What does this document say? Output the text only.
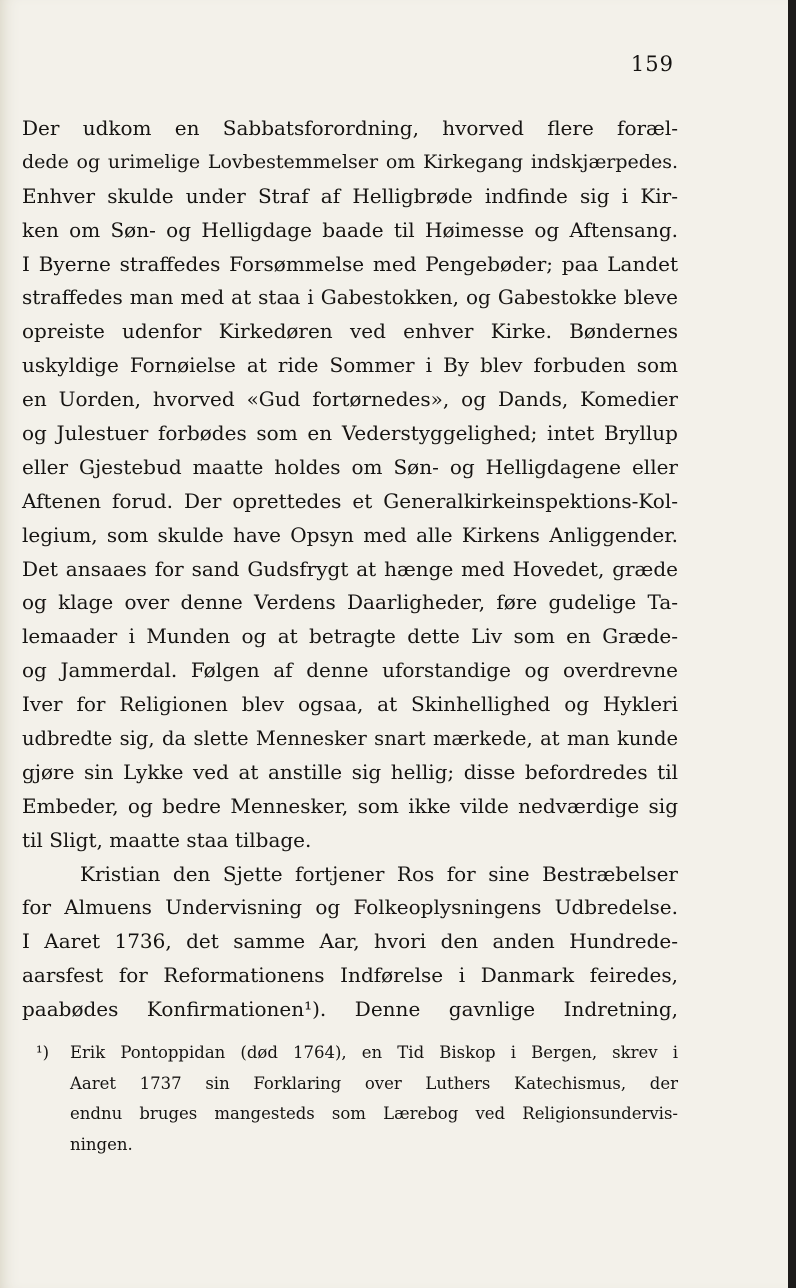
159
Der udkom en Sabbatsforordning, hvorved flere foræl-
dede og urimelige Lovbestemmelser om Kirkegang indskjærpedes.
Enhver skulde under Straf af Helligbrøde indfinde sig i Kir-
ken om Søn- og Helligdage baade til Høimesse og Aftensang.
I Byerne straffedes Forsømmelse med Pengebøder; paa Landet
straffedes man med at staa i Gabestokken, og Gabestokke bleve
opreiste udenfor Kirkedøren ved enhver Kirke. Bøndernes
uskyldige Fornøielse at ride Sommer i By blev forbuden som
en Uorden, hvorved «Gud fortørnedes», og Dands, Komedier
og Julestuer forbødes som en Vederstyggelighed; intet Bryllup
eller Gjestebud maatte holdes om Søn- og Helligdagene eller
Aftenen forud. Der oprettedes et Generalkirkeinspektions-Kol-
legium, som skulde have Opsyn med alle Kirkens Anliggender.
Det ansaaes for sand Gudsfrygt at hænge med Hovedet, græde
og klage over denne Verdens Daarligheder, føre gudelige Ta-
lemaader i Munden og at betragte dette Liv som en Græde-
og Jammerdal. Følgen af denne uforstandige og overdrevne
Iver for Religionen blev ogsaa, at Skinhellighed og Hykleri
udbredte sig, da slette Mennesker snart mærkede, at man kunde
gjøre sin Lykke ved at anstille sig hellig; disse befordredes til
Embeder, og bedre Mennesker, som ikke vilde nedværdige sig
til Sligt, maatte staa tilbage.
Kristian den Sjette fortjener Ros for sine Bestræbelser
for Almuens Undervisning og Folkeoplysningens Udbredelse.
I Aaret 1736, det samme Aar, hvori den anden Hundrede-
aarsfest for Reformationens Indførelse i Danmark feiredes,
paabødes Konfirmationen¹). Denne gavnlige Indretning,
¹)	Erik Pontoppidan (død 1764), en Tid Biskop i Bergen, skrev i
Aaret 1737 sin Forklaring over Luthers Katechismus, der
endnu bruges mangesteds som Lærebog ved Religionsundervis-
ningen.
